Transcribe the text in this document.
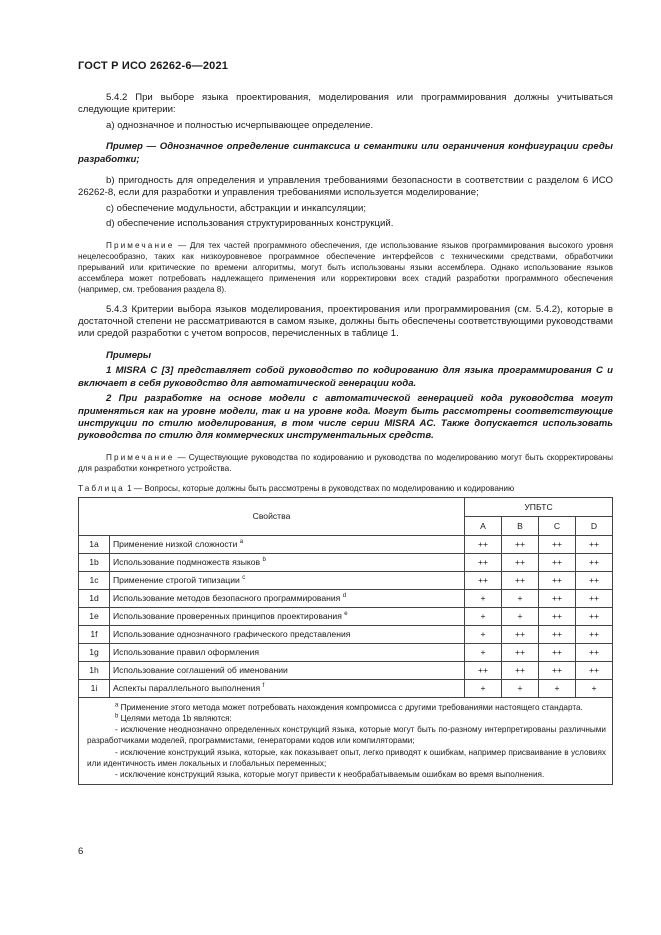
ГОСТ Р ИСО 26262-6—2021

5.4.2 При выборе языка проектирования, моделирования или программирования должны учитываться следующие критерии:

a) однозначное и полностью исчерпывающее определение.

Пример — Однозначное определение синтаксиса и семантики или ограничения конфигурации среды разработки;

b) пригодность для определения и управления требованиями безопасности в соответствии с разделом 6 ИСО 26262-8, если для разработки и управления требованиями используется моделирование;

c) обеспечение модульности, абстракции и инкапсуляции;

d) обеспечение использования структурированных конструкций.

Примечание — Для тех частей программного обеспечения, где использование языков программирования высокого уровня нецелесообразно, таких как низкоуровневое программное обеспечение интерфейсов с техническими средствами, обработчики прерываний или критические по времени алгоритмы, могут быть использованы языки ассемблера. Однако использование языков ассемблера может потребовать надлежащего применения или корректировки всех стадий разработки программного обеспечения (например, см. требования раздела 8).

5.4.3 Критерии выбора языков моделирования, проектирования или программирования (см. 5.4.2), которые в достаточной степени не рассматриваются в самом языке, должны быть обеспечены соответствующими руководствами или средой разработки с учетом вопросов, перечисленных в таблице 1.

Примеры

1 MISRA C [3] представляет собой руководство по кодированию для языка программирования C и включает в себя руководство для автоматической генерации кода.

2 При разработке на основе модели с автоматической генерацией кода руководства могут применяться как на уровне модели, так и на уровне кода. Могут быть рассмотрены соответствующие инструкции по стилю моделирования, в том числе серии MISRA AC. Также допускается использовать руководства по стилю для коммерческих инструментальных средств.

Примечание — Существующие руководства по кодированию и руководства по моделированию могут быть скорректированы для разработки конкретного устройства.

Таблица 1 — Вопросы, которые должны быть рассмотрены в руководствах по моделированию и кодированию

Свойства		УПБТС			
		A	B	C	D
1a	Применение низкой сложности $^a$	++	++	++	++
1b	Использование подмножеств языков $^b$	++	++	++	++
1c	Применение строгой типизации $^c$	++	++	++	++
1d	Использование методов безопасного программирования $^d$	+	+	++	++
1e	Использование проверенных принципов проектирования $^e$	+	+	++	++
1f	Использование однозначного графического представления	+	++	++	++
1g	Использование правил оформления	+	++	++	++
1h	Использование соглашений об именовании	++	++	++	++
1i	Аспекты параллельного выполнения $^f$	+	+	+	+

$^a$ Применение этого метода может потребовать нахождения компромисса с другими требованиями настоящего стандарта.

$^b$ Целями метода 1b являются:

- исключение неоднозначно определенных конструкций языка, которые могут быть по-разному интерпретированы различными разработчиками моделей, программистами, генераторами кодов или компиляторами;

- исключение конструкций языка, которые, как показывает опыт, легко приводят к ошибкам, например присваивание в условиях или идентичность имен локальных и глобальных переменных;

- исключение конструкций языка, которые могут привести к необрабатываемым ошибкам во время выполнения.					

6
